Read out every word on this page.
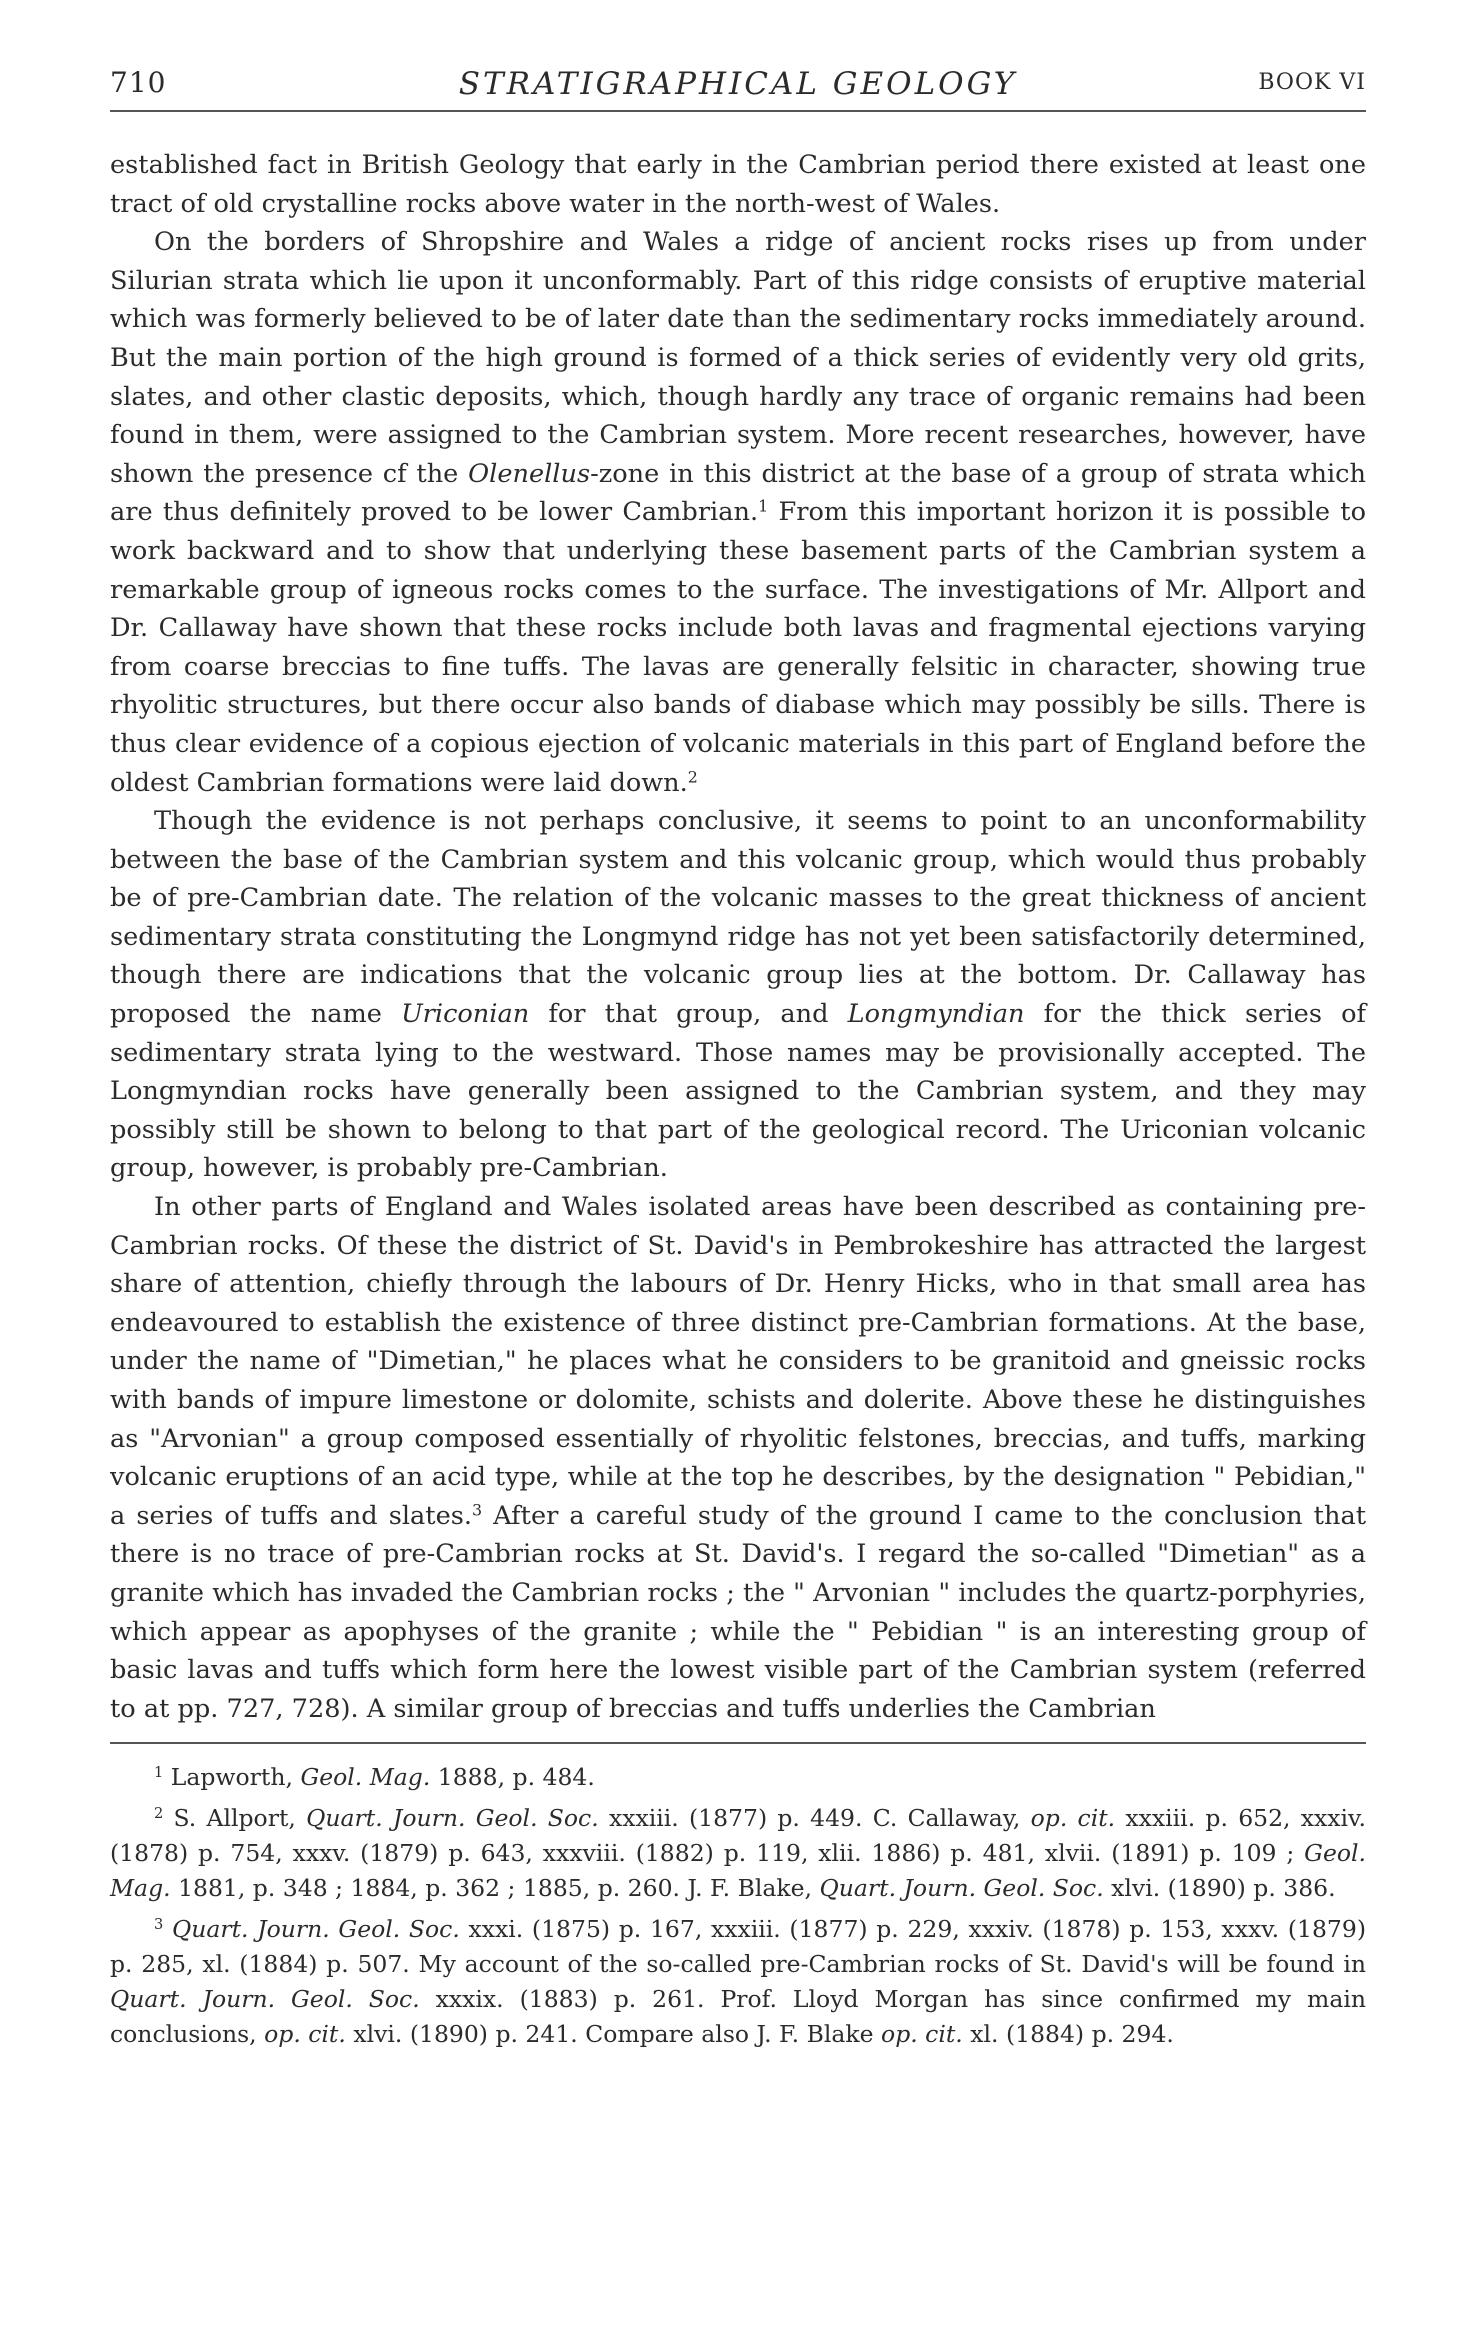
710	STRATIGRAPHICAL GEOLOGY	BOOK VI

established fact in British Geology that early in the Cambrian period there existed at least one tract of old crystalline rocks above water in the north-west of Wales.

On the borders of Shropshire and Wales a ridge of ancient rocks rises up from under Silurian strata which lie upon it unconformably. Part of this ridge consists of eruptive material which was formerly believed to be of later date than the sedimentary rocks immediately around. But the main portion of the high ground is formed of a thick series of evidently very old grits, slates, and other clastic deposits, which, though hardly any trace of organic remains had been found in them, were assigned to the Cambrian system. More recent researches, however, have shown the presence cf the Olenellus-zone in this district at the base of a group of strata which are thus definitely proved to be lower Cambrian.$^1$ From this important horizon it is possible to work backward and to show that underlying these basement parts of the Cambrian system a remarkable group of igneous rocks comes to the surface. The investigations of Mr. Allport and Dr. Callaway have shown that these rocks include both lavas and fragmental ejections varying from coarse breccias to fine tuffs. The lavas are generally felsitic in character, showing true rhyolitic structures, but there occur also bands of diabase which may possibly be sills. There is thus clear evidence of a copious ejection of volcanic materials in this part of England before the oldest Cambrian formations were laid down.$^2$

Though the evidence is not perhaps conclusive, it seems to point to an unconformability between the base of the Cambrian system and this volcanic group, which would thus probably be of pre-Cambrian date. The relation of the volcanic masses to the great thickness of ancient sedimentary strata constituting the Longmynd ridge has not yet been satisfactorily determined, though there are indications that the volcanic group lies at the bottom. Dr. Callaway has proposed the name Uriconian for that group, and Longmyndian for the thick series of sedimentary strata lying to the westward. Those names may be provisionally accepted. The Longmyndian rocks have generally been assigned to the Cambrian system, and they may possibly still be shown to belong to that part of the geological record. The Uriconian volcanic group, however, is probably pre-Cambrian.

In other parts of England and Wales isolated areas have been described as containing pre-Cambrian rocks. Of these the district of St. David's in Pembrokeshire has attracted the largest share of attention, chiefly through the labours of Dr. Henry Hicks, who in that small area has endeavoured to establish the existence of three distinct pre-Cambrian formations. At the base, under the name of "Dimetian," he places what he considers to be granitoid and gneissic rocks with bands of impure limestone or dolomite, schists and dolerite. Above these he distinguishes as "Arvonian" a group composed essentially of rhyolitic felstones, breccias, and tuffs, marking volcanic eruptions of an acid type, while at the top he describes, by the designation " Pebidian," a series of tuffs and slates.$^3$ After a careful study of the ground I came to the conclusion that there is no trace of pre-Cambrian rocks at St. David's. I regard the so-called "Dimetian" as a granite which has invaded the Cambrian rocks ; the " Arvonian " includes the quartz-porphyries, which appear as apophyses of the granite ; while the " Pebidian " is an interesting group of basic lavas and tuffs which form here the lowest visible part of the Cambrian system (referred to at pp. 727, 728). A similar group of breccias and tuffs underlies the Cambrian

$^1$ Lapworth, Geol. Mag. 1888, p. 484.

$^2$ S. Allport, Quart. Journ. Geol. Soc. xxxiii. (1877) p. 449. C. Callaway, op. cit. xxxiii. p. 652, xxxiv. (1878) p. 754, xxxv. (1879) p. 643, xxxviii. (1882) p. 119, xlii. 1886) p. 481, xlvii. (1891) p. 109 ; Geol. Mag. 1881, p. 348 ; 1884, p. 362 ; 1885, p. 260. J. F. Blake, Quart. Journ. Geol. Soc. xlvi. (1890) p. 386.

$^3$ Quart. Journ. Geol. Soc. xxxi. (1875) p. 167, xxxiii. (1877) p. 229, xxxiv. (1878) p. 153, xxxv. (1879) p. 285, xl. (1884) p. 507. My account of the so-called pre-Cambrian rocks of St. David's will be found in Quart. Journ. Geol. Soc. xxxix. (1883) p. 261. Prof. Lloyd Morgan has since confirmed my main conclusions, op. cit. xlvi. (1890) p. 241. Compare also J. F. Blake op. cit. xl. (1884) p. 294.
